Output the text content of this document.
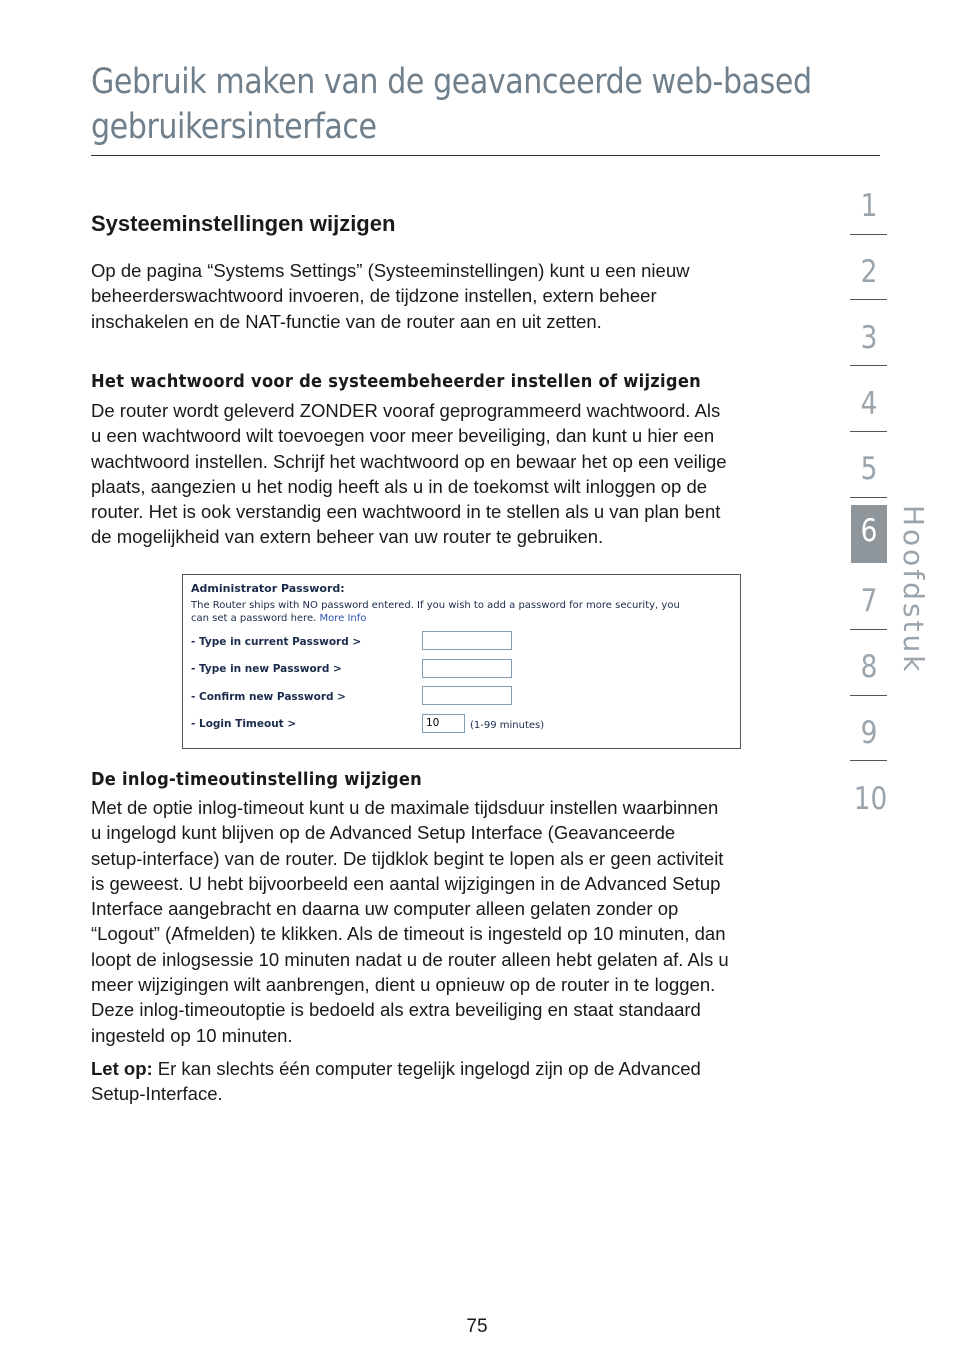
Gebruik maken van de geavanceerde web-based
gebruikersinterface
Systeeminstellingen wijzigen

Op de pagina “Systems Settings” (Systeeminstellingen) kunt u een nieuw

beheerderswachtwoord invoeren, de tijdzone instellen, extern beheer

inschakelen en de NAT-functie van de router aan en uit zetten.

Het wachtwoord voor de systeembeheerder instellen of wijzigen

De router wordt geleverd ZONDER vooraf geprogrammeerd wachtwoord. Als

u een wachtwoord wilt toevoegen voor meer beveiliging, dan kunt u hier een

wachtwoord instellen. Schrijf het wachtwoord op en bewaar het op een veilige

plaats, aangezien u het nodig heeft als u in de toekomst wilt inloggen op de

router. Het is ook verstandig een wachtwoord in te stellen als u van plan bent

de mogelijkheid van extern beheer van uw router te gebruiken.

Administrator Password:
The Router ships with NO password entered. If you wish to add a password for more security, you
can set a password here. More Info
- Type in current Password >
- Type in new Password >
- Confirm new Password >
- Login Timeout >	10	(1-99 minutes)
De inlog-timeoutinstelling wijzigen

Met de optie inlog-timeout kunt u de maximale tijdsduur instellen waarbinnen

u ingelogd kunt blijven op de Advanced Setup Interface (Geavanceerde

setup-interface) van de router. De tijdklok begint te lopen als er geen activiteit

is geweest. U hebt bijvoorbeeld een aantal wijzigingen in de Advanced Setup

Interface aangebracht en daarna uw computer alleen gelaten zonder op

“Logout” (Afmelden) te klikken. Als de timeout is ingesteld op 10 minuten, dan

loopt de inlogsessie 10 minuten nadat u de router alleen hebt gelaten af. Als u

meer wijzigingen wilt aanbrengen, dient u opnieuw op de router in te loggen.

Deze inlog-timeoutoptie is bedoeld als extra beveiliging en staat standaard

ingesteld op 10 minuten.

Let op: Er kan slechts één computer tegelijk ingelogd zijn op de Advanced

Setup-Interface.

1
2
3
4
5
6
7
8
9
10
Hoofdstuk
75
